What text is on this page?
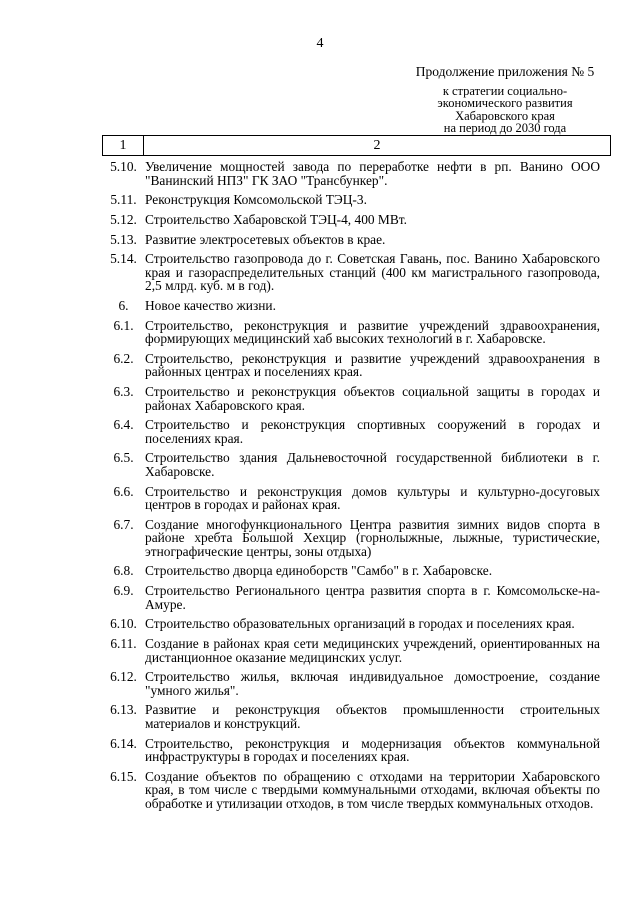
4
Продолжение приложения № 5
к стратегии социально-
экономического развития
Хабаровского края
на период до 2030 года
1	2
5.10. Увеличение мощностей завода по переработке нефти в рп. Ванино ООО "Ванинский НПЗ" ГК ЗАО "Трансбункер".
5.11. Реконструкция Комсомольской ТЭЦ-3.
5.12. Строительство Хабаровской ТЭЦ-4, 400 МВт.
5.13. Развитие электросетевых объектов в крае.
5.14. Строительство газопровода до г. Советская Гавань, пос. Ванино Хабаровского края и газораспределительных станций (400 км магистрального газопровода, 2,5 млрд. куб. м в год).
6.	Новое качество жизни.
6.1. Строительство, реконструкция и развитие учреждений здравоохранения, формирующих медицинский хаб высоких технологий в г. Хабаровске.
6.2. Строительство, реконструкция и развитие учреждений здравоохранения в районных центрах и поселениях края.
6.3. Строительство и реконструкция объектов социальной защиты в городах и районах Хабаровского края.
6.4. Строительство и реконструкция спортивных сооружений в городах и поселениях края.
6.5. Строительство здания Дальневосточной государственной библиотеки в г. Хабаровске.
6.6. Строительство и реконструкция домов культуры и культурно-досуговых центров в городах и районах края.
6.7. Создание многофункционального Центра развития зимних видов спорта в районе хребта Большой Хехцир (горнолыжные, лыжные, туристические, этнографические центры, зоны отдыха)
6.8. Строительство дворца единоборств "Самбо" в г. Хабаровске.
6.9. Строительство Регионального центра развития спорта в г. Комсомольске-на-Амуре.
6.10. Строительство образовательных организаций в городах и поселениях края.
6.11. Создание в районах края сети медицинских учреждений, ориентированных на дистанционное оказание медицинских услуг.
6.12. Строительство жилья, включая индивидуальное домостроение, создание "умного жилья".
6.13. Развитие и реконструкция объектов промышленности строительных материалов и конструкций.
6.14. Строительство, реконструкция и модернизация объектов коммунальной инфраструктуры в городах и поселениях края.
6.15. Создание объектов по обращению с отходами на территории Хабаровского края, в том числе с твердыми коммунальными отходами, включая объекты по обработке и утилизации отходов, в том числе твердых коммунальных отходов.
